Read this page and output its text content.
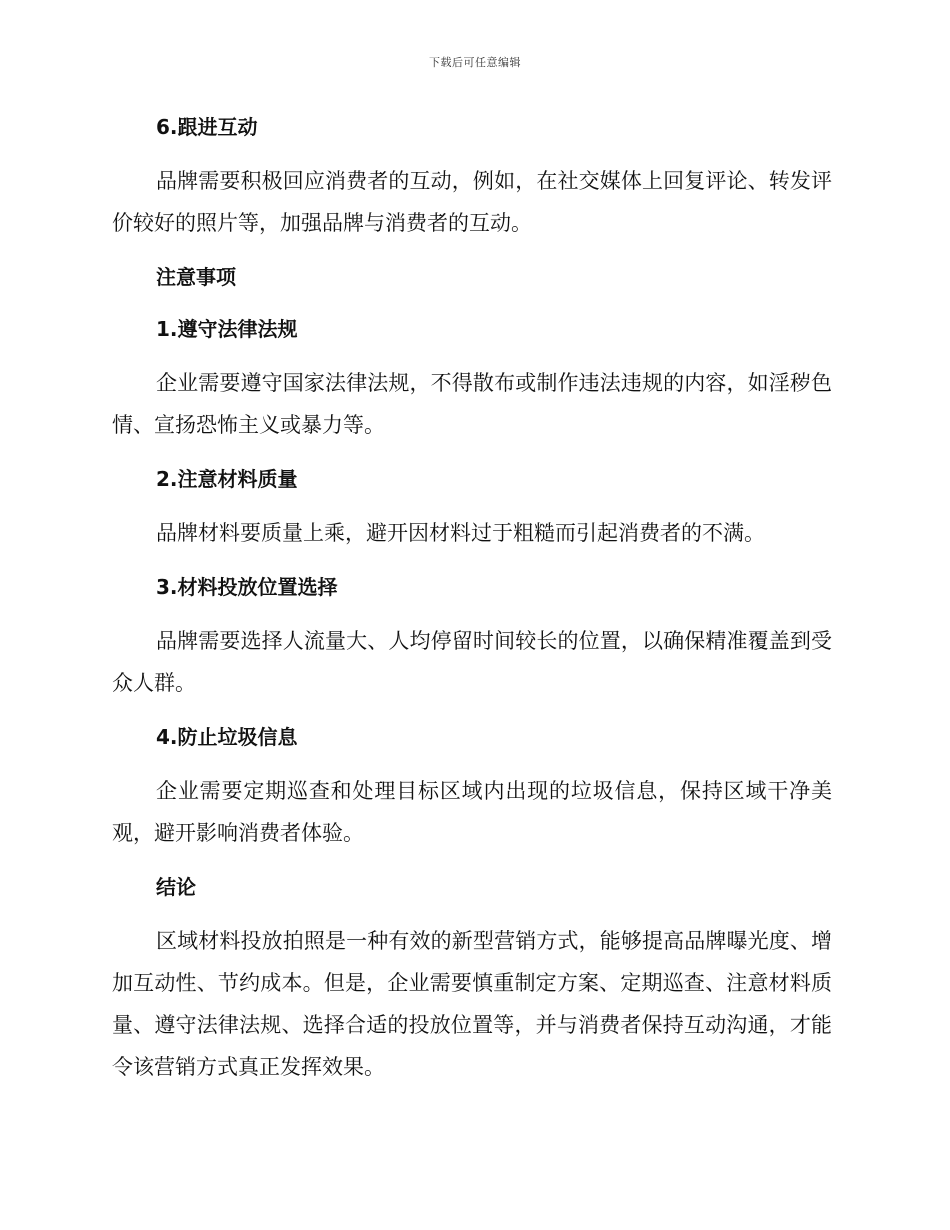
下载后可任意编辑
6.跟进互动
品牌需要积极回应消费者的互动，例如，在社交媒体上回复评论、转发评价较好的照片等，加强品牌与消费者的互动。
注意事项
1.遵守法律法规
企业需要遵守国家法律法规，不得散布或制作违法违规的内容，如淫秽色情、宣扬恐怖主义或暴力等。
2.注意材料质量
品牌材料要质量上乘，避开因材料过于粗糙而引起消费者的不满。
3.材料投放位置选择
品牌需要选择人流量大、人均停留时间较长的位置，以确保精准覆盖到受众人群。
4.防止垃圾信息
企业需要定期巡查和处理目标区域内出现的垃圾信息，保持区域干净美观，避开影响消费者体验。
结论
区域材料投放拍照是一种有效的新型营销方式，能够提高品牌曝光度、增加互动性、节约成本。但是，企业需要慎重制定方案、定期巡查、注意材料质量、遵守法律法规、选择合适的投放位置等，并与消费者保持互动沟通，才能令该营销方式真正发挥效果。
